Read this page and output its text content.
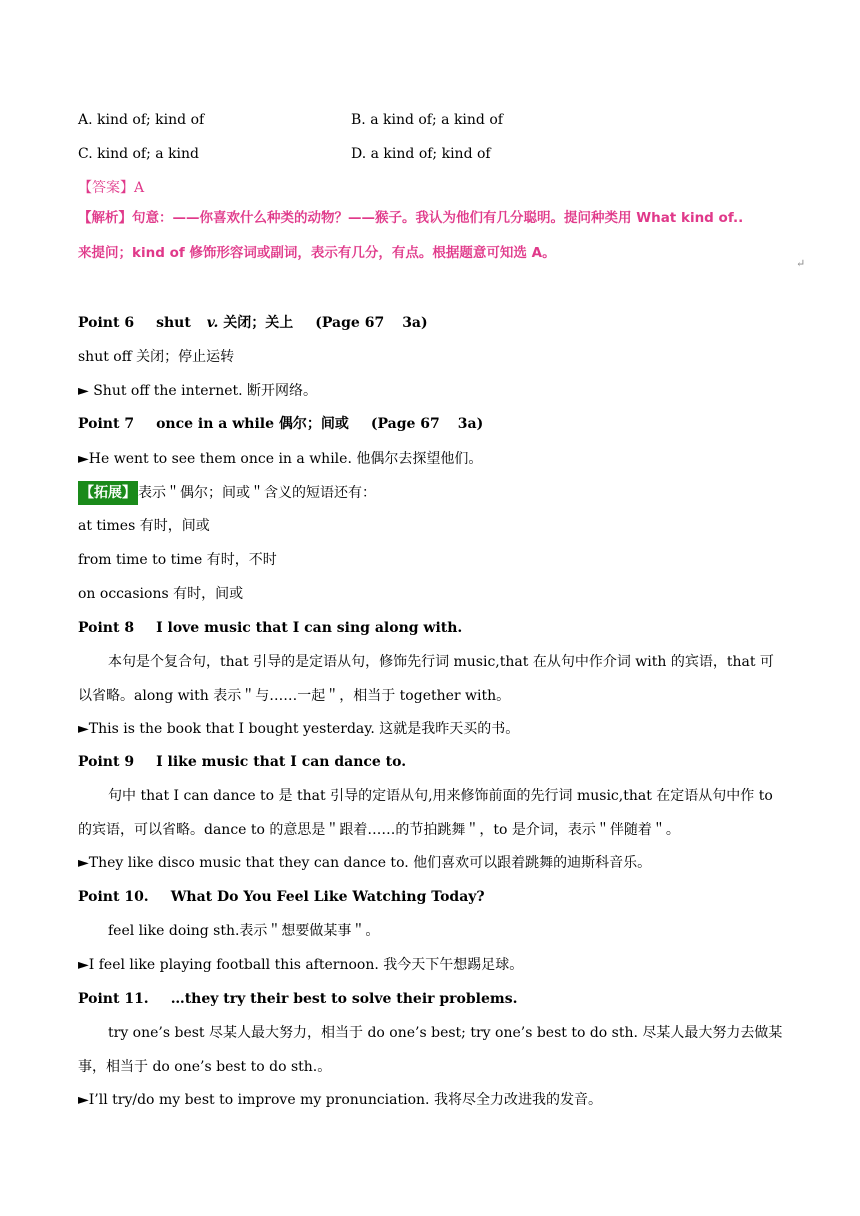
A. kind of; kind of	B. a kind of; a kind of
C. kind of; a kind	D. a kind of; kind of
【答案】A
【解析】句意：——你喜欢什么种类的动物？——猴子。我认为他们有几分聪明。提问种类用 What kind of..
来提问；kind of 修饰形容词或副词，表示有几分，有点。根据题意可知选 A。
↵
Point 6 shut v. 关闭；关上 (Page 67 3a)
shut off 关闭；停止运转
► Shut off the internet. 断开网络。
Point 7 once in a while 偶尔；间或 (Page 67 3a)
►He went to see them once in a while. 他偶尔去探望他们。
【拓展】 表示＂偶尔；间或＂含义的短语还有：
at times 有时，间或
from time to time 有时，不时
on occasions 有时，间或
Point 8 I love music that I can sing along with.
本句是个复合句，that 引导的是定语从句，修饰先行词 music,that 在从句中作介词 with 的宾语，that 可以省略。along with 表示＂与……一起＂，相当于 together with。
►This is the book that I bought yesterday. 这就是我昨天买的书。
Point 9 I like music that I can dance to.
句中 that I can dance to 是 that 引导的定语从句,用来修饰前面的先行词 music,that 在定语从句中作 to 的宾语，可以省略。dance to 的意思是＂跟着……的节拍跳舞＂，to 是介词，表示＂伴随着＂。
►They like disco music that they can dance to. 他们喜欢可以跟着跳舞的迪斯科音乐。
Point 10. What Do You Feel Like Watching Today?
feel like doing sth.表示＂想要做某事＂。
►I feel like playing football this afternoon. 我今天下午想踢足球。
Point 11. …they try their best to solve their problems.
try one’s best 尽某人最大努力，相当于 do one’s best; try one’s best to do sth. 尽某人最大努力去做某事，相当于 do one’s best to do sth.。
►I’ll try/do my best to improve my pronunciation. 我将尽全力改进我的发音。
